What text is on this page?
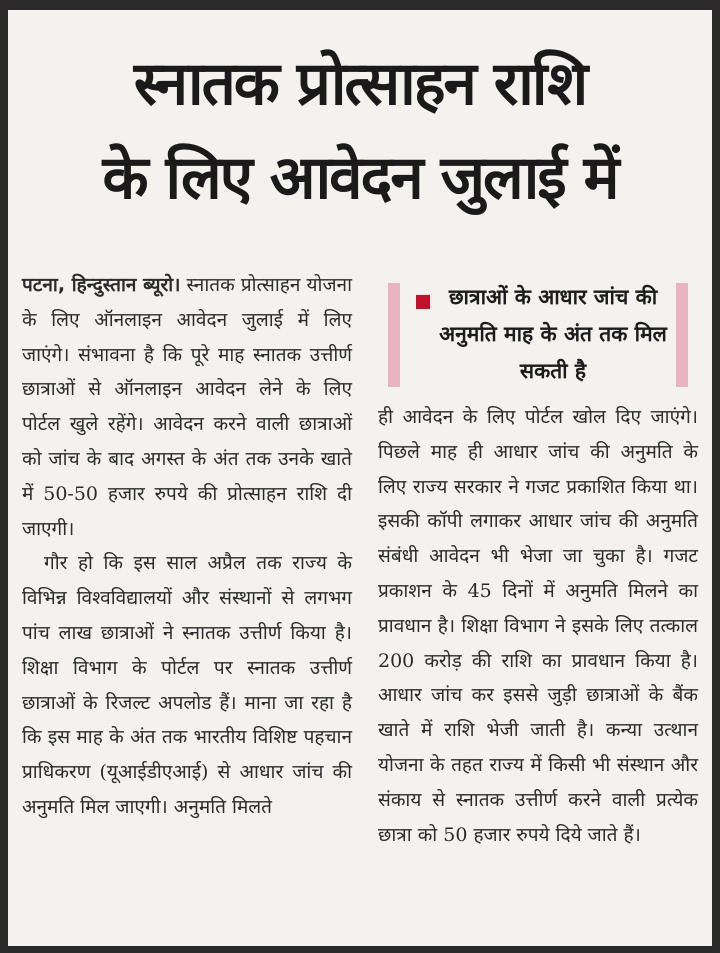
स्नातक प्रोत्साहन राशि
के लिए आवेदन जुलाई में

पटना, हिन्दुस्तान ब्यूरो। स्नातक प्रोत्साहन योजना के लिए ऑनलाइन आवेदन जुलाई में लिए जाएंगे। संभावना है कि पूरे माह स्नातक उत्तीर्ण छात्राओं से ऑनलाइन आवेदन लेने के लिए पोर्टल खुले रहेंगे। आवेदन करने वाली छात्राओं को जांच के बाद अगस्त के अंत तक उनके खाते में 50-50 हजार रुपये की प्रोत्साहन राशि दी जाएगी।

गौर हो कि इस साल अप्रैल तक राज्य के विभिन्न विश्वविद्यालयों और संस्थानों से लगभग पांच लाख छात्राओं ने स्नातक उत्तीर्ण किया है। शिक्षा विभाग के पोर्टल पर स्नातक उत्तीर्ण छात्राओं के रिजल्ट अपलोड हैं। माना जा रहा है कि इस माह के अंत तक भारतीय विशिष्ट पहचान प्राधिकरण (यूआईडीएआई) से आधार जांच की अनुमति मिल जाएगी। अनुमति मिलते

छात्राओं के आधार जांच की अनुमति माह के अंत तक मिल सकती है

ही आवेदन के लिए पोर्टल खोल दिए जाएंगे। पिछले माह ही आधार जांच की अनुमति के लिए राज्य सरकार ने गजट प्रकाशित किया था। इसकी कॉपी लगाकर आधार जांच की अनुमति संबंधी आवेदन भी भेजा जा चुका है। गजट प्रकाशन के 45 दिनों में अनुमति मिलने का प्रावधान है। शिक्षा विभाग ने इसके लिए तत्काल 200 करोड़ की राशि का प्रावधान किया है। आधार जांच कर इससे जुड़ी छात्राओं के बैंक खाते में राशि भेजी जाती है। कन्या उत्थान योजना के तहत राज्य में किसी भी संस्थान और संकाय से स्नातक उत्तीर्ण करने वाली प्रत्येक छात्रा को 50 हजार रुपये दिये जाते हैं।
